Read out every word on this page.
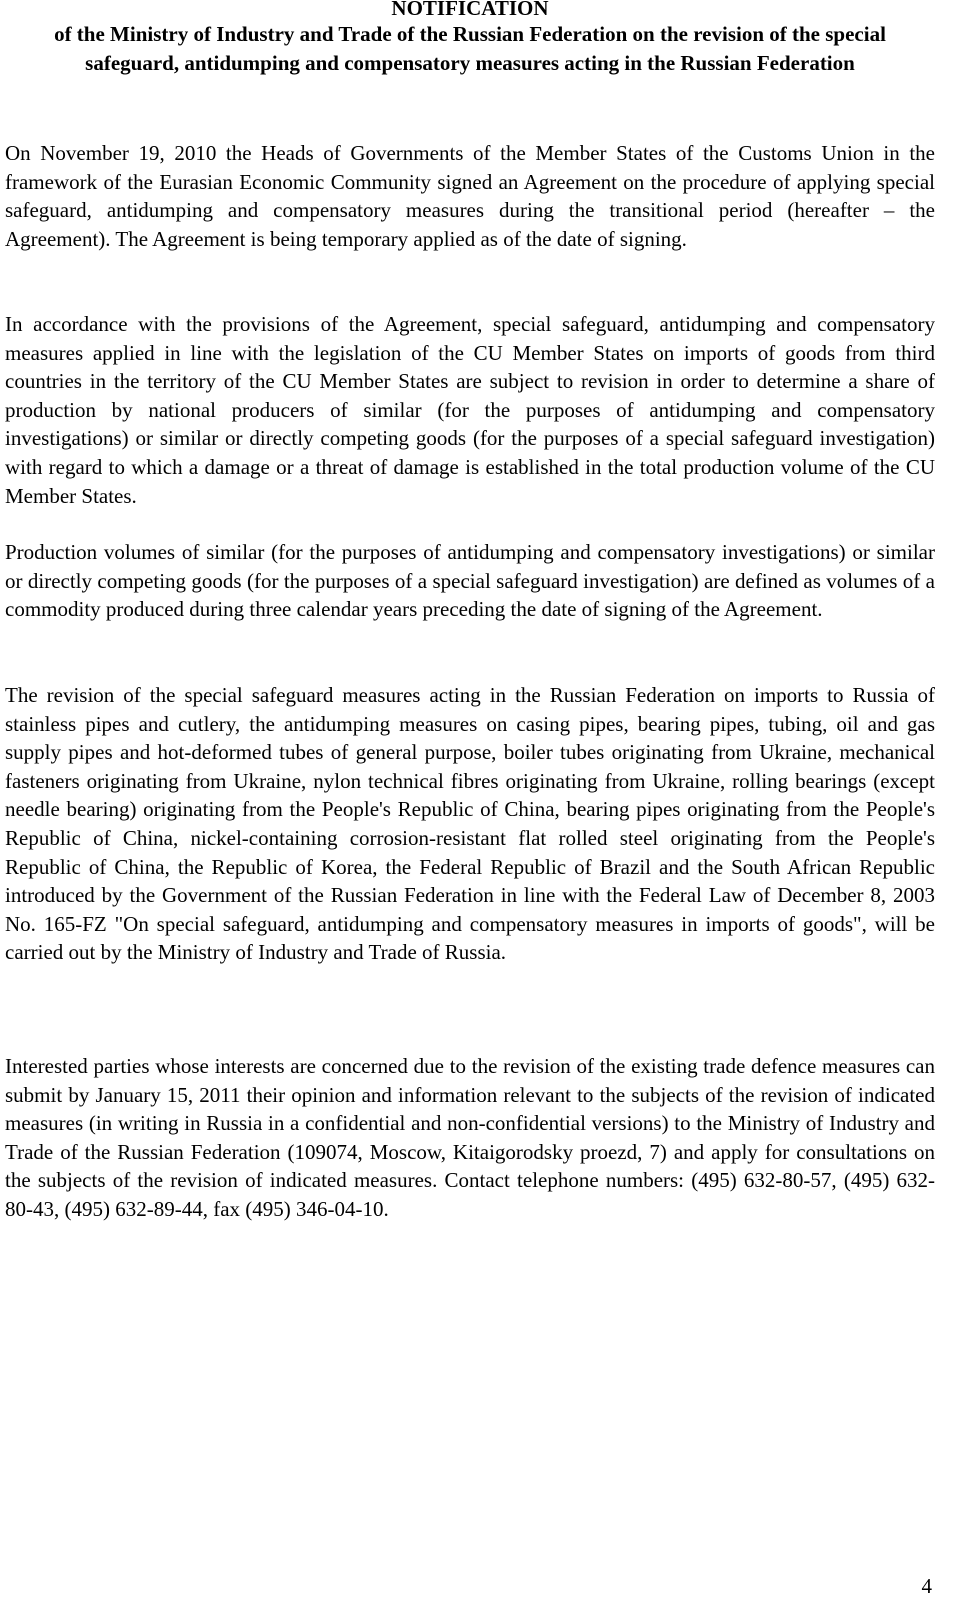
NOTIFICATION
of the Ministry of Industry and Trade of the Russian Federation on the revision of the special safeguard, antidumping and compensatory measures acting in the Russian Federation

On November 19, 2010 the Heads of Governments of the Member States of the Customs Union in the framework of the Eurasian Economic Community signed an Agreement on the procedure of applying special safeguard, antidumping and compensatory measures during the transitional period (hereafter – the Agreement). The Agreement is being temporary applied as of the date of signing.

In accordance with the provisions of the Agreement, special safeguard, antidumping and compensatory measures applied in line with the legislation of the CU Member States on imports of goods from third countries in the territory of the CU Member States are subject to revision in order to determine a share of production by national producers of similar (for the purposes of antidumping and compensatory investigations) or similar or directly competing goods (for the purposes of a special safeguard investigation) with regard to which a damage or a threat of damage is established in the total production volume of the CU Member States.

Production volumes of similar (for the purposes of antidumping and compensatory investigations) or similar or directly competing goods (for the purposes of a special safeguard investigation) are defined as volumes of a commodity produced during three calendar years preceding the date of signing of the Agreement.

The revision of the special safeguard measures acting in the Russian Federation on imports to Russia of stainless pipes and cutlery, the antidumping measures on casing pipes, bearing pipes, tubing, oil and gas supply pipes and hot-deformed tubes of general purpose, boiler tubes originating from Ukraine, mechanical fasteners originating from Ukraine, nylon technical fibres originating from Ukraine, rolling bearings (except needle bearing) originating from the People's Republic of China, bearing pipes originating from the People's Republic of China, nickel-containing corrosion-resistant flat rolled steel originating from the People's Republic of China, the Republic of Korea, the Federal Republic of Brazil and the South African Republic introduced by the Government of the Russian Federation in line with the Federal Law of December 8, 2003 No. 165-FZ "On special safeguard, antidumping and compensatory measures in imports of goods", will be carried out by the Ministry of Industry and Trade of Russia.

Interested parties whose interests are concerned due to the revision of the existing trade defence measures can submit by January 15, 2011 their opinion and information relevant to the subjects of the revision of indicated measures (in writing in Russia in a confidential and non-confidential versions) to the Ministry of Industry and Trade of the Russian Federation (109074, Moscow, Kitaigorodsky proezd, 7) and apply for consultations on the subjects of the revision of indicated measures. Contact telephone numbers: (495) 632-80-57, (495) 632-80-43, (495) 632-89-44, fax (495) 346-04-10.

4
